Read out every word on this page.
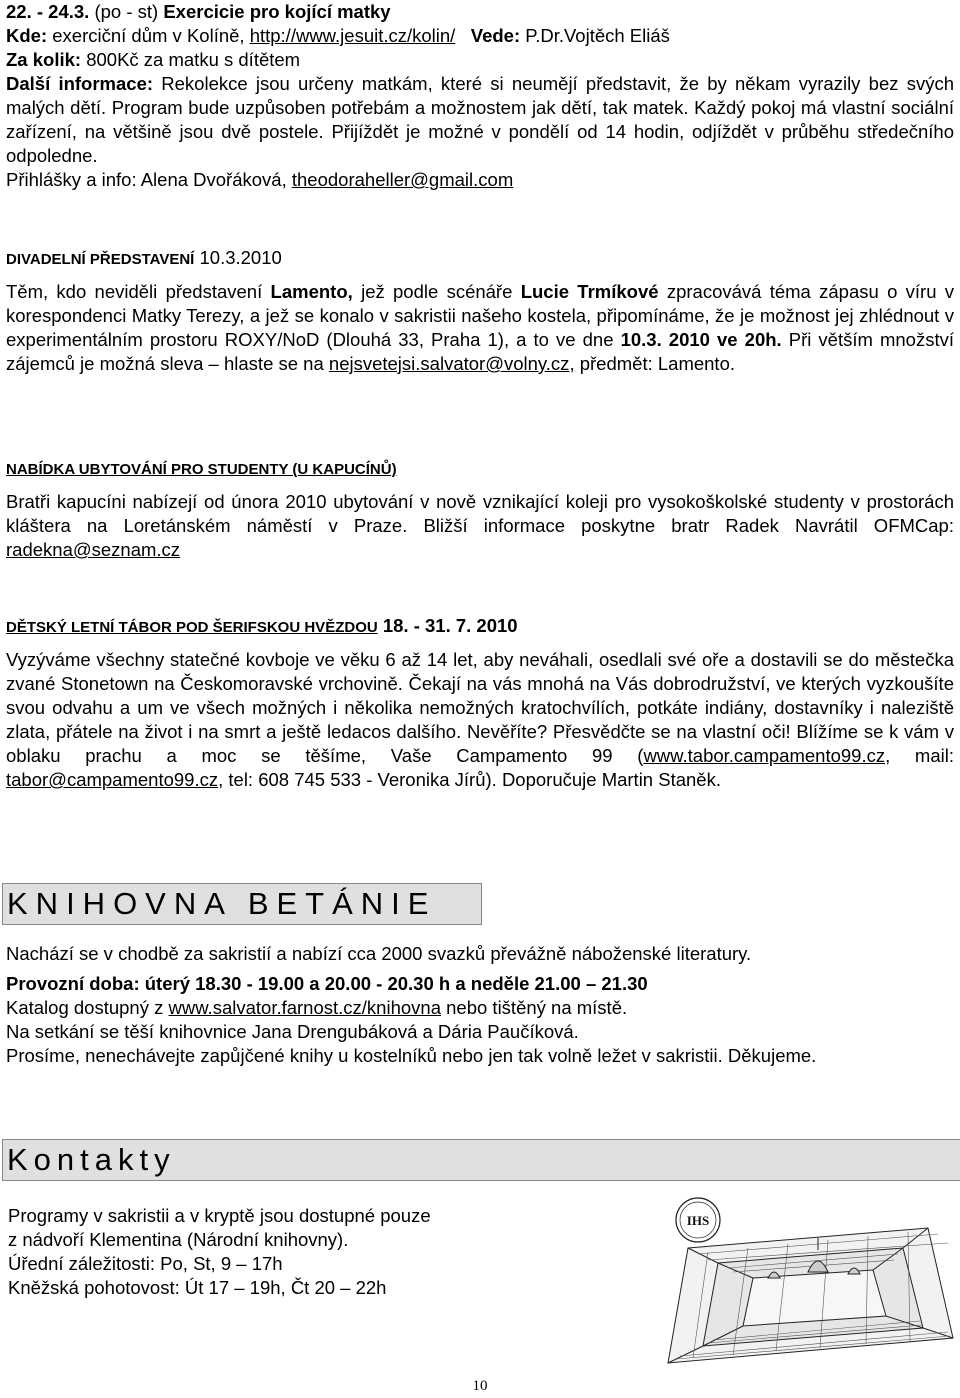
22. - 24.3. (po - st) Exercicie pro kojící matky
Kde: exerciční dům v Kolíně, http://www.jesuit.cz/kolin/ Vede: P.Dr.Vojtěch Eliáš
Za kolik: 800Kč za matku s dítětem
Další informace: Rekolekce jsou určeny matkám, které si neumějí představit, že by někam vyrazily bez svých malých dětí. Program bude uzpůsoben potřebám a možnostem jak dětí, tak matek. Každý pokoj má vlastní sociální zařízení, na většině jsou dvě postele. Přijíždět je možné v pondělí od 14 hodin, odjíždět v průběhu středečního odpoledne.
Přihlášky a info: Alena Dvořáková, theodoraheller@gmail.com
DIVADELNÍ PŘEDSTAVENÍ 10.3.2010
Těm, kdo neviděli představení Lamento, jež podle scénáře Lucie Trmíkové zpracovává téma zápasu o víru v korespondenci Matky Terezy, a jež se konalo v sakristii našeho kostela, připomínáme, že je možnost jej zhlédnout v experimentálním prostoru ROXY/NoD (Dlouhá 33, Praha 1), a to ve dne 10.3. 2010 ve 20h. Při větším množství zájemců je možná sleva – hlaste se na nejsvetejsi.salvator@volny.cz, předmět: Lamento.
NABÍDKA UBYTOVÁNÍ PRO STUDENTY (U KAPUCÍNŮ)
Bratři kapucíni nabízejí od února 2010 ubytování v nově vznikající koleji pro vysokoškolské studenty v prostorách kláštera na Loretánském náměstí v Praze. Bližší informace poskytne bratr Radek Navrátil OFMCap: radekna@seznam.cz
DĚTSKÝ LETNÍ TÁBOR POD ŠERIFSKOU HVĚZDOU 18. - 31. 7. 2010
Vyzýváme všechny statečné kovboje ve věku 6 až 14 let, aby neváhali, osedlali své oře a dostavili se do městečka zvané Stonetown na Českomoravské vrchovině. Čekají na vás mnohá na Vás dobrodružství, ve kterých vyzkoušíte svou odvahu a um ve všech možných i několika nemožných kratochvílích, potkáte indiány, dostavníky i naleziště zlata, přátele na život i na smrt a ještě ledacos dalšího. Nevěříte? Přesvědčte se na vlastní oči! Blížíme se k vám v oblaku prachu a moc se těšíme, Vaše Campamento 99 (www.tabor.campamento99.cz, mail: tabor@campamento99.cz, tel: 608 745 533 - Veronika Jírů). Doporučuje Martin Staněk.
KNIHOVNA BETÁNIE
Nachází se v chodbě za sakristií a nabízí cca 2000 svazků převážně náboženské literatury.
Provozní doba: úterý 18.30 - 19.00 a 20.00 - 20.30 h a neděle 21.00 – 21.30
Katalog dostupný z www.salvator.farnost.cz/knihovna nebo tištěný na místě.
Na setkání se těší knihovnice Jana Drengubáková a Dária Paučíková.
Prosíme, nenechávejte zapůjčené knihy u kostelníků nebo jen tak volně ležet v sakristii. Děkujeme.
Kontakty
Programy v sakristii a v kryptě jsou dostupné pouze
z nádvoří Klementina (Národní knihovny).
Úřední záležitosti: Po, St, 9 – 17h
Kněžská pohotovost: Út 17 – 19h, Čt 20 – 22h
IHS
10
